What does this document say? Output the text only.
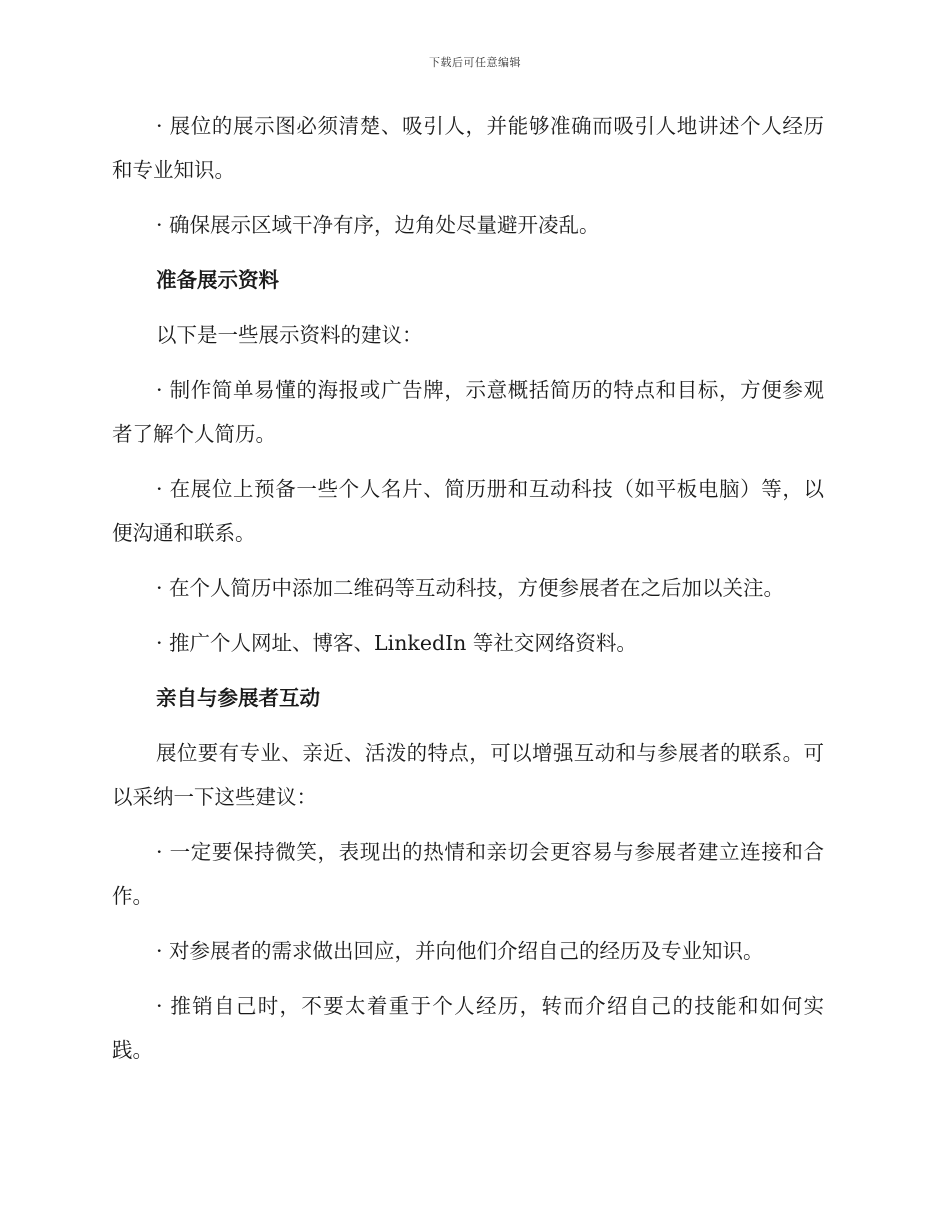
下载后可任意编辑

· 展位的展示图必须清楚、吸引人，并能够准确而吸引人地讲述个人经历和专业知识。

· 确保展示区域干净有序，边角处尽量避开凌乱。

准备展示资料

以下是一些展示资料的建议：

· 制作简单易懂的海报或广告牌，示意概括简历的特点和目标，方便参观者了解个人简历。

· 在展位上预备一些个人名片、简历册和互动科技（如平板电脑）等，以便沟通和联系。

· 在个人简历中添加二维码等互动科技，方便参展者在之后加以关注。

· 推广个人网址、博客、LinkedIn 等社交网络资料。

亲自与参展者互动

展位要有专业、亲近、活泼的特点，可以增强互动和与参展者的联系。可以采纳一下这些建议：

· 一定要保持微笑，表现出的热情和亲切会更容易与参展者建立连接和合作。

· 对参展者的需求做出回应，并向他们介绍自己的经历及专业知识。

· 推销自己时，不要太着重于个人经历，转而介绍自己的技能和如何实践。
